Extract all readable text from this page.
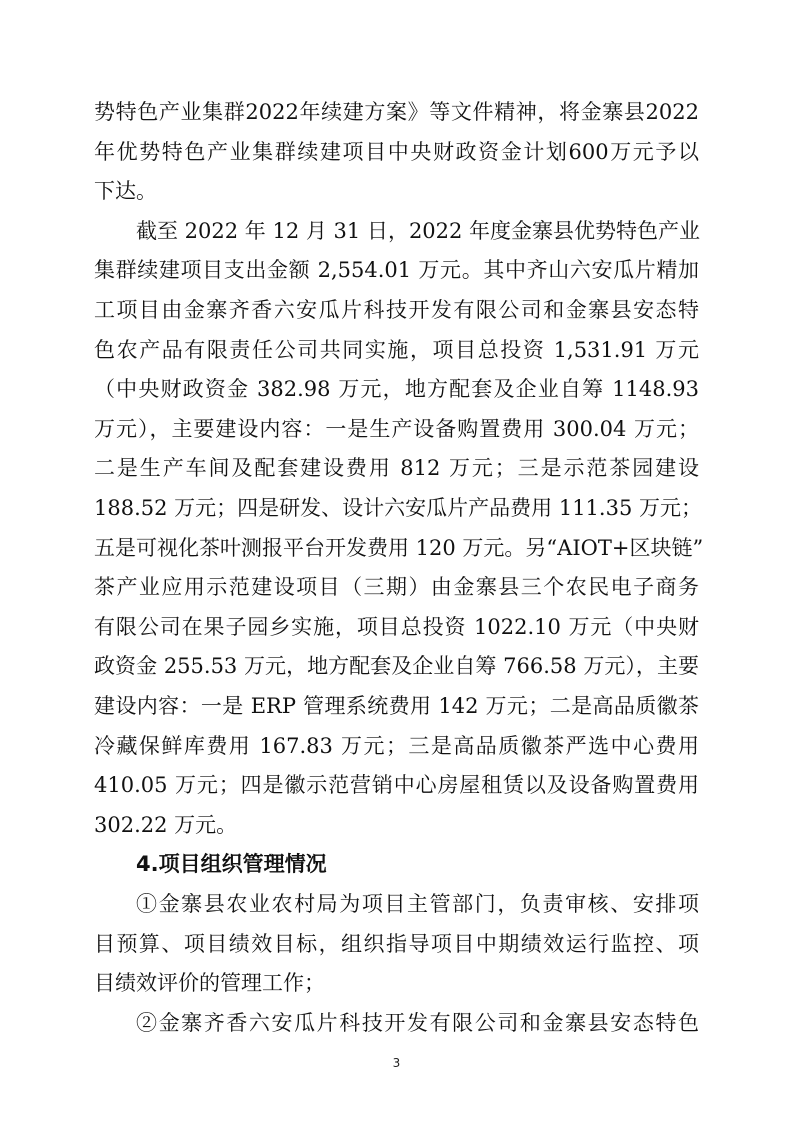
势特色产业集群2022年续建方案》等文件精神，将金寨县2022
年优势特色产业集群续建项目中央财政资金计划600万元予以
下达。
截至 2022 年 12 月 31 日，2022 年度金寨县优势特色产业
集群续建项目支出金额 2,554.01 万元。其中齐山六安瓜片精加
工项目由金寨齐香六安瓜片科技开发有限公司和金寨县安态特
色农产品有限责任公司共同实施，项目总投资 1,531.91 万元
（中央财政资金 382.98 万元，地方配套及企业自筹 1148.93
万元），主要建设内容：一是生产设备购置费用 300.04 万元；
二是生产车间及配套建设费用 812 万元；三是示范茶园建设
188.52 万元；四是研发、设计六安瓜片产品费用 111.35 万元；
五是可视化茶叶测报平台开发费用 120 万元。另“AIOT+区块链”
茶产业应用示范建设项目（三期）由金寨县三个农民电子商务
有限公司在果子园乡实施，项目总投资 1022.10 万元（中央财
政资金 255.53 万元，地方配套及企业自筹 766.58 万元），主要
建设内容：一是 ERP 管理系统费用 142 万元；二是高品质徽茶
冷藏保鲜库费用 167.83 万元；三是高品质徽茶严选中心费用
410.05 万元；四是徽示范营销中心房屋租赁以及设备购置费用
302.22 万元。
4.项目组织管理情况
①金寨县农业农村局为项目主管部门，负责审核、安排项
目预算、项目绩效目标，组织指导项目中期绩效运行监控、项
目绩效评价的管理工作；
②金寨齐香六安瓜片科技开发有限公司和金寨县安态特色
3
